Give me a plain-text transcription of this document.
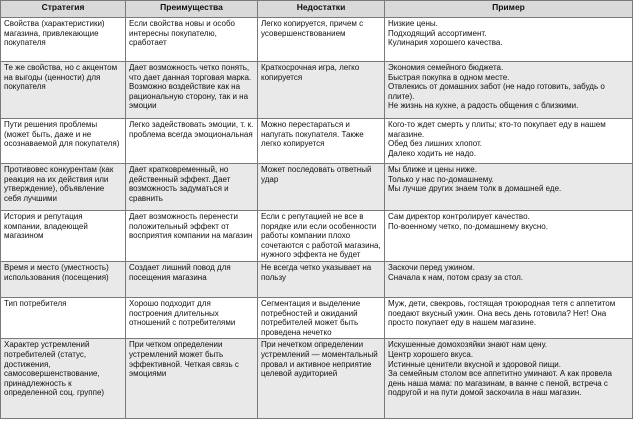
Стратегия	Преимущества	Недостатки	Пример
Свойства (характеристики) магазина, привлекающие покупателя	Если свойства новы и особо интересны покупателю, сработает	Легко копируется, причем с усовершенствованием	Низкие цены.
Подходящий ассортимент.
Кулинария хорошего качества.

Те же свойства, но с акцентом на выгоды (ценности) для покупателя	Дает возможность четко понять, что дает данная торговая марка. Возможно воздействие как на рациональную сторону, так и на эмоции	Краткосрочная игра, легко копируется	Экономия семейного бюджета.
Быстрая покупка в одном месте.
Отвлекись от домашних забот (не надо готовить, забудь о плите).
Не жизнь на кухне, а радость общения с близкими.

Пути решения проблемы (может быть, даже и не осознаваемой для покупателя)	Легко задействовать эмоции, т. к. проблема всегда эмоциональная	Можно перестараться и напугать покупателя. Также легко копируется	Кого-то ждет смерть у плиты; кто-то покупает еду в нашем магазине.
Обед без лишних хлопот.
Далеко ходить не надо.

Противовес конкурентам (как реакция на их действия или утверждение), объявление себя лучшими	Дает кратковременный, но действенный эффект. Дает возможность задуматься и сравнить	Может последовать ответный удар	Мы ближе и цены ниже.
Только у нас по-домашнему.
Мы лучше других знаем толк в домашней еде.

История и репутация компании, владеющей магазином	Дает возможность перенести положительный эффект от восприятия компании на магазин	Если с репутацией не все в порядке или если особенности работы компании плохо сочетаются с работой магазина, нужного эффекта не будет	Сам директор контролирует качество.
По-военному четко, по-домашнему вкусно.

Время и место (уместность) использования (посещения)	Создает лишний повод для посещения магазина	Не всегда четко указывает на пользу	Заскочи перед ужином.
Сначала к нам, потом сразу за стол.

Тип потребителя	Хорошо подходит для построения длительных отношений с потребителями	Сегментация и выделение потребностей и ожиданий потребителей может быть проведена нечетко	Муж, дети, свекровь, гостящая троюродная тетя с аппетитом поедают вкусный ужин. Она весь день готовила? Нет! Она просто покупает еду в нашем магазине.

Характер устремлений потребителей (статус, достижения, самосовершенствование, принадлежность к определенной соц. группе)	При четком определении устремлений может быть эффективной. Четкая связь с эмоциями	При нечетком определении устремлений — моментальный провал и активное неприятие целевой аудиторией	Искушенные домохозяйки знают нам цену.
Центр хорошего вкуса.
Истинные ценители вкусной и здоровой пищи.
За семейным столом все аппетитно уминают. А как провела день наша мама: по магазинам, в ванне с пеной, встреча с подругой и на пути домой заскочила в наш магазин.
